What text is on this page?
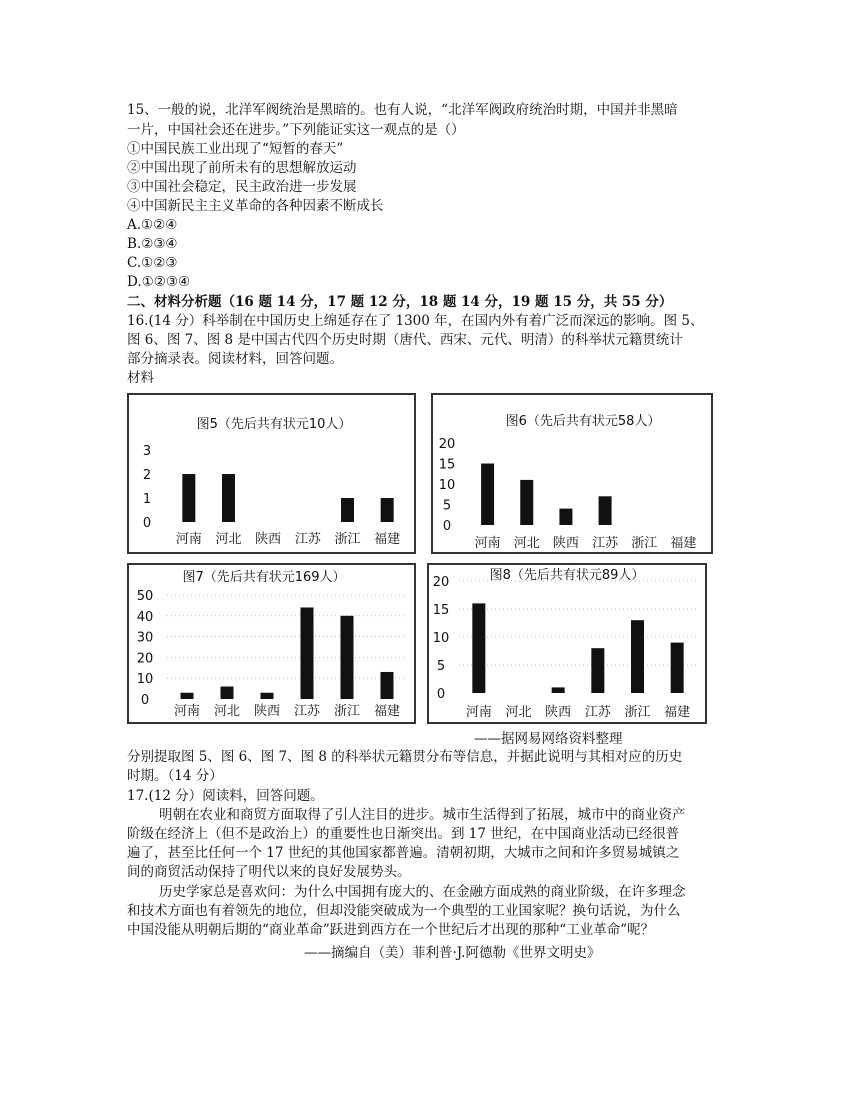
15、一般的说，北洋军阀统治是黑暗的。也有人说，“北洋军阀政府统治时期，中国并非黑暗
一片，中国社会还在进步。”下列能证实这一观点的是（）
①中国民族工业出现了“短暂的春天”
②中国出现了前所未有的思想解放运动
③中国社会稳定，民主政治进一步发展
④中国新民主主义革命的各种因素不断成长
A.①②④
B.②③④
C.①②③
D.①②③④
二、材料分析题（16 题 14 分，17 题 12 分，18 题 14 分，19 题 15 分，共 55 分）
16.(14 分）科举制在中国历史上绵延存在了 1300 年，在国内外有着广泛而深远的影响。图 5、
图 6、图 7、图 8 是中国古代四个历史时期（唐代、西宋、元代、明清）的科举状元籍贯统计
部分摘录表。阅读材料，回答问题。
材料
图5（先后共有状元10人）
0
1
2
3
河南 河北 陕西 江苏 浙江 福建
图6（先后共有状元58人）
0
5
10
15
20
河南 河北 陕西 江苏 浙江 福建
图7（先后共有状元169人）
0
10
20
30
40
50
河南 河北 陕西 江苏 浙江 福建
图8（先后共有状元89人）
0
5
10
15
20
河南 河北 陕西 江苏 浙江 福建
——据网易网络资料整理
分别提取图 5、图 6、图 7、图 8 的科举状元籍贯分布等信息，并据此说明与其相对应的历史
时期。（14 分）
17.(12 分）阅读料，回答问题。
明朝在农业和商贸方面取得了引人注目的进步。城市生活得到了拓展，城市中的商业资产
阶级在经济上（但不是政治上）的重要性也日渐突出。到 17 世纪，在中国商业活动已经很普
遍了，甚至比任何一个 17 世纪的其他国家都普遍。清朝初期，大城市之间和许多贸易城镇之
间的商贸活动保持了明代以来的良好发展势头。
历史学家总是喜欢问：为什么中国拥有庞大的、在金融方面成熟的商业阶级，在许多理念
和技术方面也有着领先的地位，但却没能突破成为一个典型的工业国家呢？换句话说，为什么
中国没能从明朝后期的“商业革命”跃进到西方在一个世纪后才出现的那种“工业革命”呢？
——摘编自（美）菲利普·J.阿德勒《世界文明史》
